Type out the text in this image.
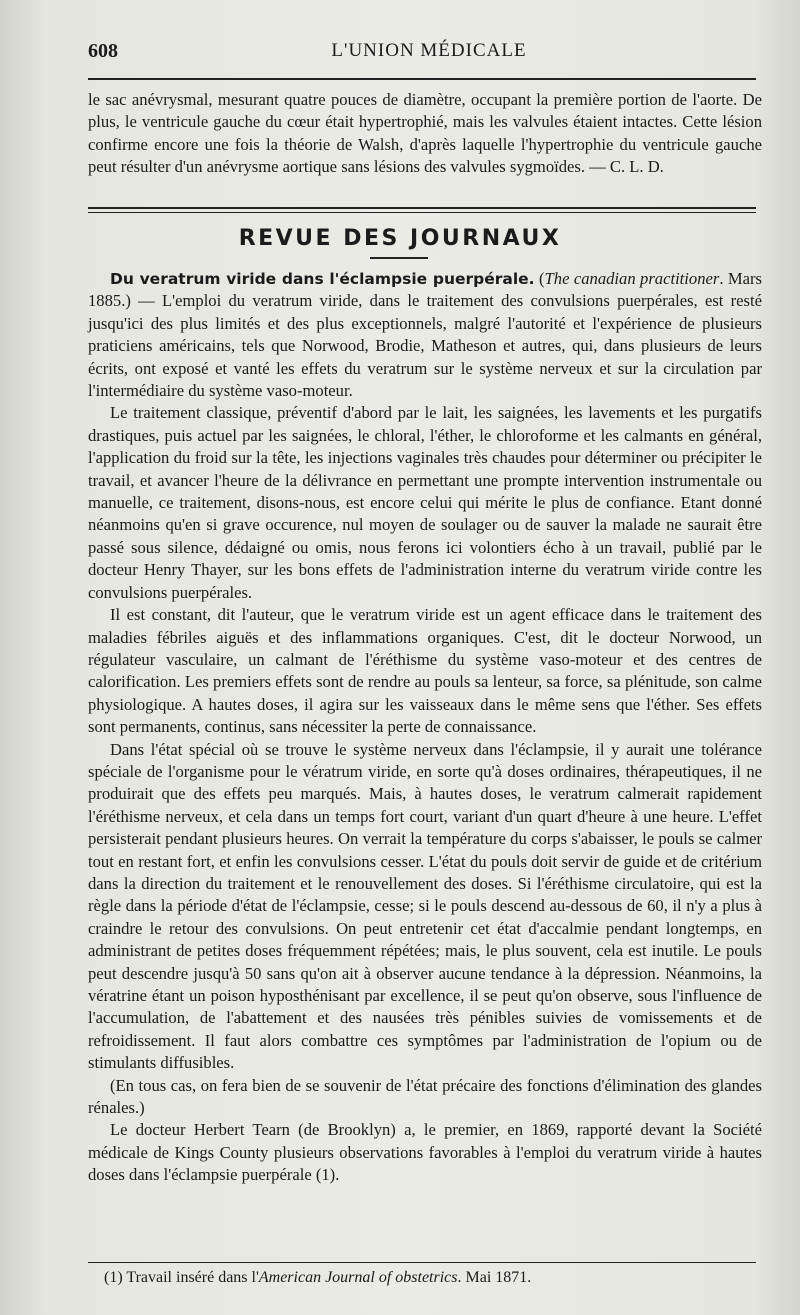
608	L'UNION MÉDICALE

le sac anévrysmal, mesurant quatre pouces de diamètre, occupant la première portion de l'aorte. De plus, le ventricule gauche du cœur était hypertrophié, mais les valvules étaient intactes. Cette lésion confirme encore une fois la théorie de Walsh, d'après laquelle l'hypertrophie du ventricule gauche peut résulter d'un anévrysme aortique sans lésions des valvules sygmoïdes. — C. L. D.

REVUE DES JOURNAUX

Du veratrum viride dans l'éclampsie puerpérale. (The canadian practitioner. Mars 1885.) — L'emploi du veratrum viride, dans le traitement des convulsions puerpérales, est resté jusqu'ici des plus limités et des plus exceptionnels, malgré l'autorité et l'expérience de plusieurs praticiens américains, tels que Norwood, Brodie, Matheson et autres, qui, dans plusieurs de leurs écrits, ont exposé et vanté les effets du veratrum sur le système nerveux et sur la circulation par l'intermédiaire du système vaso-moteur.

Le traitement classique, préventif d'abord par le lait, les saignées, les lavements et les purgatifs drastiques, puis actuel par les saignées, le chloral, l'éther, le chloroforme et les calmants en général, l'application du froid sur la tête, les injections vaginales très chaudes pour déterminer ou précipiter le travail, et avancer l'heure de la délivrance en permettant une prompte intervention instrumentale ou manuelle, ce traitement, disons-nous, est encore celui qui mérite le plus de confiance. Etant donné néanmoins qu'en si grave occurence, nul moyen de soulager ou de sauver la malade ne saurait être passé sous silence, dédaigné ou omis, nous ferons ici volontiers écho à un travail, publié par le docteur Henry Thayer, sur les bons effets de l'administration interne du veratrum viride contre les convulsions puerpérales.

Il est constant, dit l'auteur, que le veratrum viride est un agent efficace dans le traitement des maladies fébriles aiguës et des inflammations organiques. C'est, dit le docteur Norwood, un régulateur vasculaire, un calmant de l'éréthisme du système vaso-moteur et des centres de calorification. Les premiers effets sont de rendre au pouls sa lenteur, sa force, sa plénitude, son calme physiologique. A hautes doses, il agira sur les vaisseaux dans le même sens que l'éther. Ses effets sont permanents, continus, sans nécessiter la perte de connaissance.

Dans l'état spécial où se trouve le système nerveux dans l'éclampsie, il y aurait une tolérance spéciale de l'organisme pour le vératrum viride, en sorte qu'à doses ordinaires, thérapeutiques, il ne produirait que des effets peu marqués. Mais, à hautes doses, le veratrum calmerait rapidement l'éréthisme nerveux, et cela dans un temps fort court, variant d'un quart d'heure à une heure. L'effet persisterait pendant plusieurs heures. On verrait la température du corps s'abaisser, le pouls se calmer tout en restant fort, et enfin les convulsions cesser. L'état du pouls doit servir de guide et de critérium dans la direction du traitement et le renouvellement des doses. Si l'éréthisme circulatoire, qui est la règle dans la période d'état de l'éclampsie, cesse; si le pouls descend au-dessous de 60, il n'y a plus à craindre le retour des convulsions. On peut entretenir cet état d'accalmie pendant longtemps, en administrant de petites doses fréquemment répétées; mais, le plus souvent, cela est inutile. Le pouls peut descendre jusqu'à 50 sans qu'on ait à observer aucune tendance à la dépression. Néanmoins, la vératrine étant un poison hyposthénisant par excellence, il se peut qu'on observe, sous l'influence de l'accumulation, de l'abattement et des nausées très pénibles suivies de vomissements et de refroidissement. Il faut alors combattre ces symptômes par l'administration de l'opium ou de stimulants diffusibles.

(En tous cas, on fera bien de se souvenir de l'état précaire des fonctions d'élimination des glandes rénales.)

Le docteur Herbert Tearn (de Brooklyn) a, le premier, en 1869, rapporté devant la Société médicale de Kings County plusieurs observations favorables à l'emploi du veratrum viride à hautes doses dans l'éclampsie puerpérale (1).

(1) Travail inséré dans l'American Journal of obstetrics. Mai 1871.
